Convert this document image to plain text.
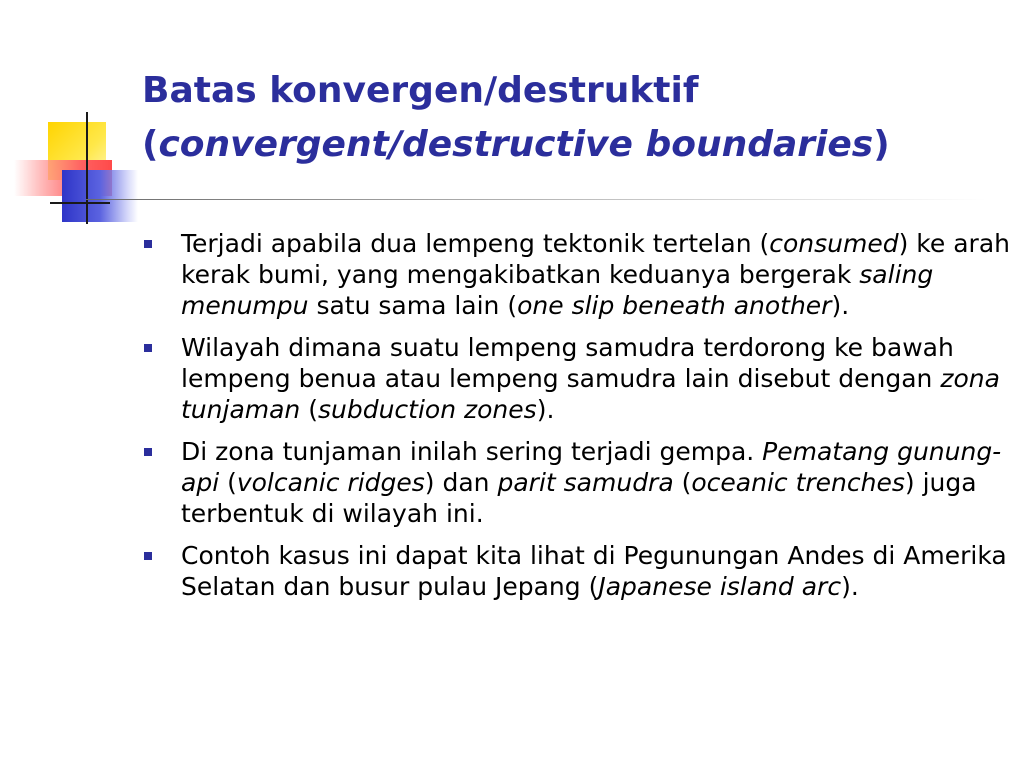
Batas konvergen/destruktif
(convergent/destructive boundaries)
Terjadi apabila dua lempeng tektonik tertelan (consumed) ke arah kerak bumi, yang mengakibatkan keduanya bergerak saling menumpu satu sama lain (one slip beneath another).
Wilayah dimana suatu lempeng samudra terdorong ke bawah lempeng benua atau lempeng samudra lain disebut dengan zona tunjaman (subduction zones).
Di zona tunjaman inilah sering terjadi gempa. Pematang gunung-api (volcanic ridges) dan parit samudra (oceanic trenches) juga terbentuk di wilayah ini.
Contoh kasus ini dapat kita lihat di Pegunungan Andes di Amerika Selatan dan busur pulau Jepang (Japanese island arc).
